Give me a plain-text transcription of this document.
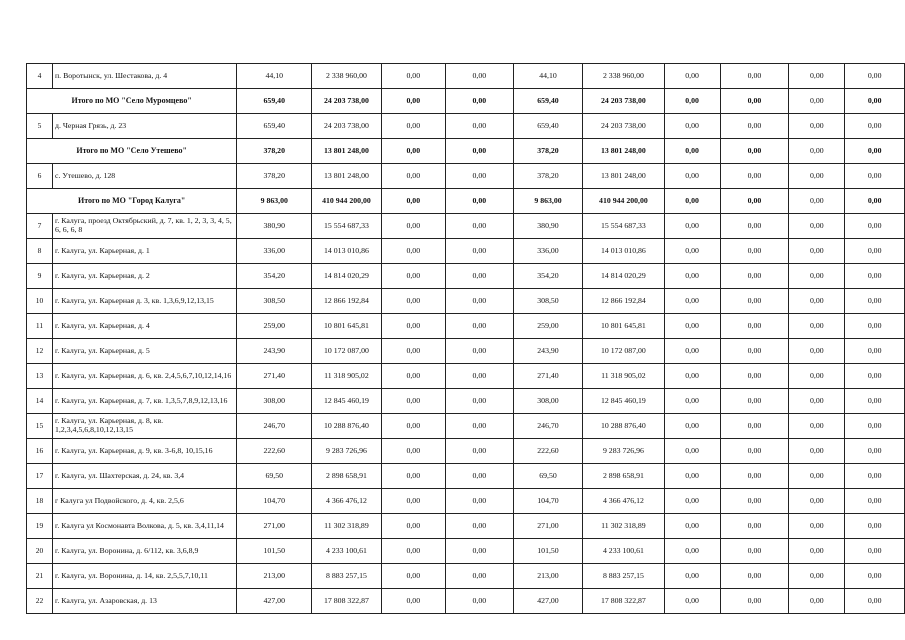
4	п. Воротынск, ул. Шестакова, д. 4	44,10	2 338 960,00	0,00	0,00	44,10	2 338 960,00	0,00	0,00	0,00	0,00
Итого по МО "Село Муромцево"		659,40	24 203 738,00	0,00	0,00	659,40	24 203 738,00	0,00	0,00	0,00	0,00
5	д. Черная Грязь, д. 23	659,40	24 203 738,00	0,00	0,00	659,40	24 203 738,00	0,00	0,00	0,00	0,00
Итого по МО "Село Утешево"		378,20	13 801 248,00	0,00	0,00	378,20	13 801 248,00	0,00	0,00	0,00	0,00
6	с. Утешево, д. 128	378,20	13 801 248,00	0,00	0,00	378,20	13 801 248,00	0,00	0,00	0,00	0,00
Итого по МО "Город Калуга"		9 863,00	410 944 200,00	0,00	0,00	9 863,00	410 944 200,00	0,00	0,00	0,00	0,00
7	г. Калуга, проезд Октябрьский, д. 7, кв. 1, 2, 3, 3, 4, 5, 6, 6, 6, 8	380,90	15 554 687,33	0,00	0,00	380,90	15 554 687,33	0,00	0,00	0,00	0,00
8	г. Калуга, ул. Карьерная, д. 1	336,00	14 013 010,86	0,00	0,00	336,00	14 013 010,86	0,00	0,00	0,00	0,00
9	г. Калуга, ул. Карьерная, д. 2	354,20	14 814 020,29	0,00	0,00	354,20	14 814 020,29	0,00	0,00	0,00	0,00
10	г. Калуга, ул. Карьерная д. 3, кв. 1,3,6,9,12,13,15	308,50	12 866 192,84	0,00	0,00	308,50	12 866 192,84	0,00	0,00	0,00	0,00
11	г. Калуга, ул. Карьерная, д. 4	259,00	10 801 645,81	0,00	0,00	259,00	10 801 645,81	0,00	0,00	0,00	0,00
12	г. Калуга, ул. Карьерная, д. 5	243,90	10 172 087,00	0,00	0,00	243,90	10 172 087,00	0,00	0,00	0,00	0,00
13	г. Калуга, ул. Карьерная, д. 6, кв. 2,4,5,6,7,10,12,14,16	271,40	11 318 905,02	0,00	0,00	271,40	11 318 905,02	0,00	0,00	0,00	0,00
14	г. Калуга, ул. Карьерная, д. 7, кв. 1,3,5,7,8,9,12,13,16	308,00	12 845 460,19	0,00	0,00	308,00	12 845 460,19	0,00	0,00	0,00	0,00
15	г. Калуга, ул. Карьерная, д. 8, кв. 1,2,3,4,5,6,8,10,12,13,15	246,70	10 288 876,40	0,00	0,00	246,70	10 288 876,40	0,00	0,00	0,00	0,00
16	г. Калуга, ул. Карьерная, д. 9, кв. 3-6,8, 10,15,16	222,60	9 283 726,96	0,00	0,00	222,60	9 283 726,96	0,00	0,00	0,00	0,00
17	г. Калуга, ул. Шахтерская, д. 24, кв. 3,4	69,50	2 898 658,91	0,00	0,00	69,50	2 898 658,91	0,00	0,00	0,00	0,00
18	г Калуга ул Подвойского, д. 4, кв. 2,5,6	104,70	4 366 476,12	0,00	0,00	104,70	4 366 476,12	0,00	0,00	0,00	0,00
19	г. Калуга ул Космонавта Волкова, д. 5, кв. 3,4,11,14	271,00	11 302 318,89	0,00	0,00	271,00	11 302 318,89	0,00	0,00	0,00	0,00
20	г. Калуга, ул. Воронина, д. 6/112, кв. 3,6,8,9	101,50	4 233 100,61	0,00	0,00	101,50	4 233 100,61	0,00	0,00	0,00	0,00
21	г. Калуга, ул. Воронина, д. 14, кв. 2,5,5,7,10,11	213,00	8 883 257,15	0,00	0,00	213,00	8 883 257,15	0,00	0,00	0,00	0,00
22	г. Калуга, ул. Азаровская, д. 13	427,00	17 808 322,87	0,00	0,00	427,00	17 808 322,87	0,00	0,00	0,00	0,00
